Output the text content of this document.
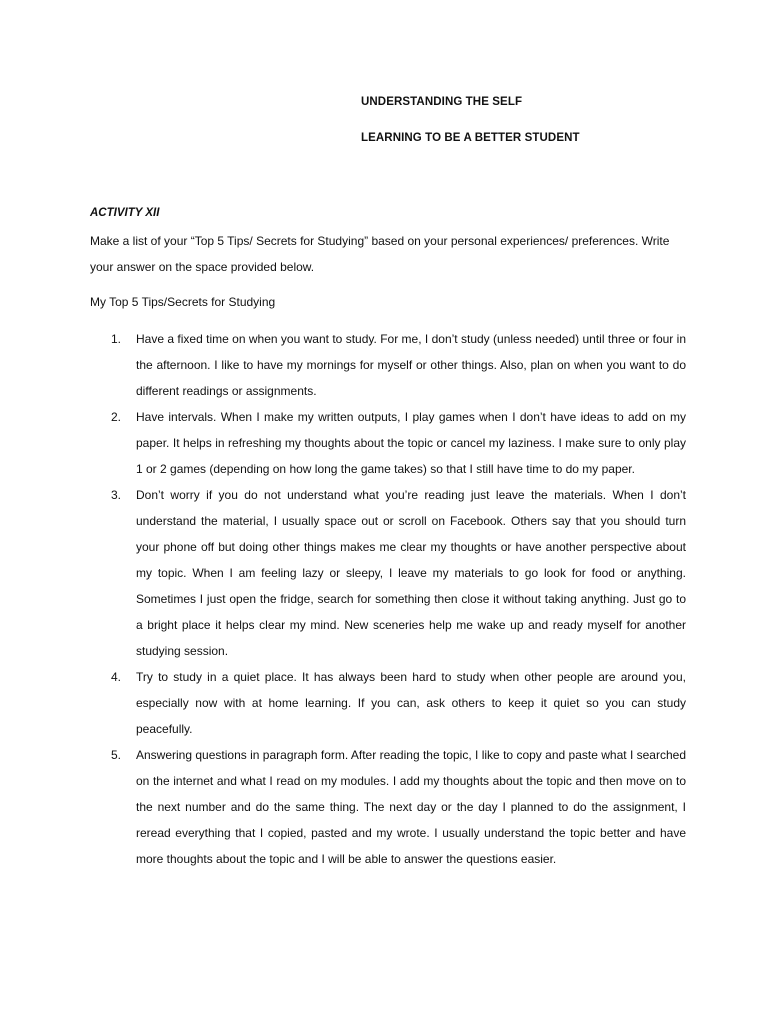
UNDERSTANDING THE SELF
LEARNING TO BE A BETTER STUDENT
ACTIVITY XII
Make a list of your “Top 5 Tips/ Secrets for Studying” based on your personal experiences/ preferences. Write your answer on the space provided below.
My Top 5 Tips/Secrets for Studying
1. Have a fixed time on when you want to study. For me, I don’t study (unless needed) until three or four in the afternoon. I like to have my mornings for myself or other things. Also, plan on when you want to do different readings or assignments.
2. Have intervals. When I make my written outputs, I play games when I don’t have ideas to add on my paper. It helps in refreshing my thoughts about the topic or cancel my laziness. I make sure to only play 1 or 2 games (depending on how long the game takes) so that I still have time to do my paper.
3. Don’t worry if you do not understand what you’re reading just leave the materials. When I don’t understand the material, I usually space out or scroll on Facebook. Others say that you should turn your phone off but doing other things makes me clear my thoughts or have another perspective about my topic. When I am feeling lazy or sleepy, I leave my materials to go look for food or anything. Sometimes I just open the fridge, search for something then close it without taking anything. Just go to a bright place it helps clear my mind. New sceneries help me wake up and ready myself for another studying session.
4. Try to study in a quiet place. It has always been hard to study when other people are around you, especially now with at home learning. If you can, ask others to keep it quiet so you can study peacefully.
5. Answering questions in paragraph form. After reading the topic, I like to copy and paste what I searched on the internet and what I read on my modules. I add my thoughts about the topic and then move on to the next number and do the same thing. The next day or the day I planned to do the assignment, I reread everything that I copied, pasted and my wrote. I usually understand the topic better and have more thoughts about the topic and I will be able to answer the questions easier.
